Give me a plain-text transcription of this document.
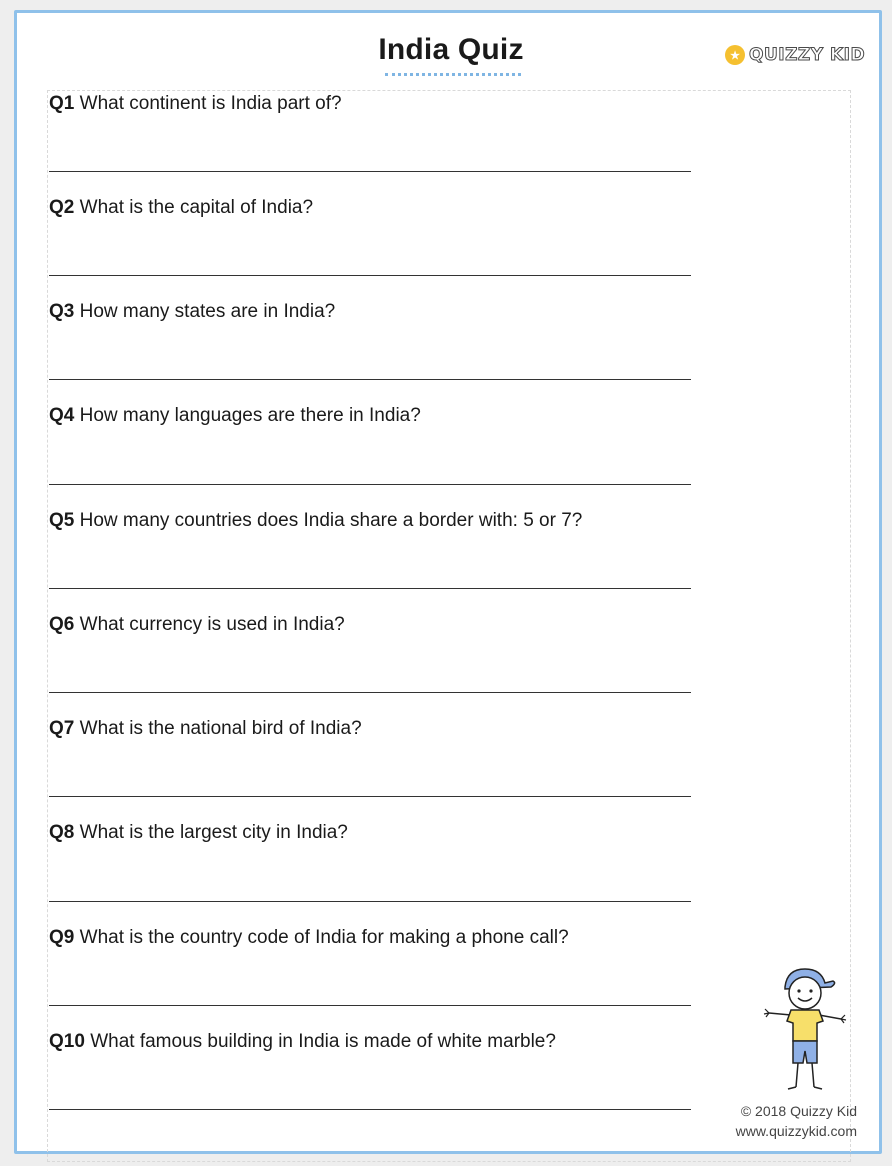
India Quiz	★ QUIZZY KID
Q1 What continent is India part of?
Q2 What is the capital of India?
Q3 How many states are in India?
Q4 How many languages are there in India?
Q5 How many countries does India share a border with: 5 or 7?
Q6 What currency is used in India?
Q7 What is the national bird of India?
Q8 What is the largest city in India?
Q9 What is the country code of India for making a phone call?
Q10 What famous building in India is made of white marble?
© 2018 Quizzy Kid
www.quizzykid.com
